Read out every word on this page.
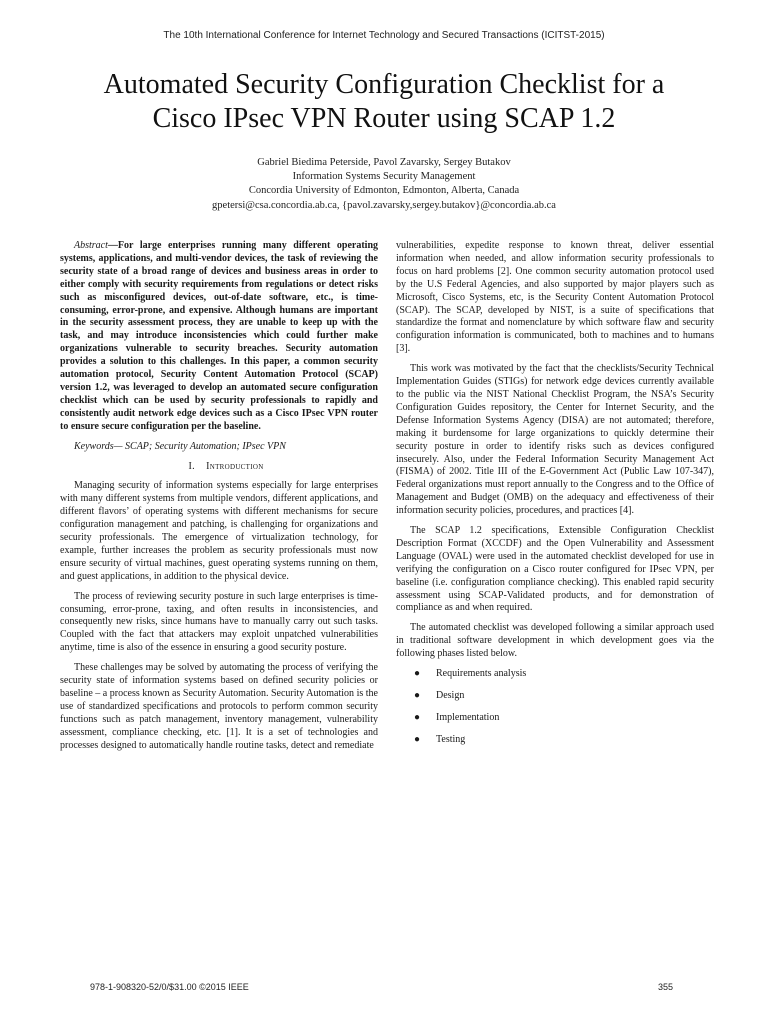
The 10th International Conference for Internet Technology and Secured Transactions (ICITST-2015)
Automated Security Configuration Checklist for a
Cisco IPsec VPN Router using SCAP 1.2
Gabriel Biedima Peterside, Pavol Zavarsky, Sergey Butakov
Information Systems Security Management
Concordia University of Edmonton, Edmonton, Alberta, Canada
gpetersi@csa.concordia.ab.ca, {pavol.zavarsky,sergey.butakov}@concordia.ab.ca

Abstract—For large enterprises running many different operating systems, applications, and multi-vendor devices, the task of reviewing the security state of a broad range of devices and business areas in order to either comply with security requirements from regulations or detect risks such as misconfigured devices, out-of-date software, etc., is time-consuming, error-prone, and expensive. Although humans are important in the security assessment process, they are unable to keep up with the task, and may introduce inconsistencies which could further make organizations vulnerable to security breaches. Security automation provides a solution to this challenges. In this paper, a common security automation protocol, Security Content Automation Protocol (SCAP) version 1.2, was leveraged to develop an automated secure configuration checklist which can be used by security professionals to rapidly and consistently audit network edge devices such as a Cisco IPsec VPN router to ensure secure configuration per the baseline.

Keywords— SCAP; Security Automation; IPsec VPN

I. Introduction

Managing security of information systems especially for large enterprises with many different systems from multiple vendors, different applications, and different flavors’ of operating systems with different mechanisms for secure configuration management and patching, is challenging for organizations and security professionals. The emergence of virtualization technology, for example, further increases the problem as security professionals must now ensure security of virtual machines, guest operating systems running on them, and guest applications, in addition to the physical device.

The process of reviewing security posture in such large enterprises is time-consuming, error-prone, taxing, and often results in inconsistencies, and consequently new risks, since humans have to manually carry out such tasks. Coupled with the fact that attackers may exploit unpatched vulnerabilities anytime, time is also of the essence in ensuring a good security posture.

These challenges may be solved by automating the process of verifying the security state of information systems based on defined security policies or baseline – a process known as Security Automation. Security Automation is the use of standardized specifications and protocols to perform common security functions such as patch management, inventory management, vulnerability assessment, compliance checking, etc. [1]. It is a set of technologies and processes designed to automatically handle routine tasks, detect and remediate

vulnerabilities, expedite response to known threat, deliver essential information when needed, and allow information security professionals to focus on hard problems [2]. One common security automation protocol used by the U.S Federal Agencies, and also supported by major players such as Microsoft, Cisco Systems, etc, is the Security Content Automation Protocol (SCAP). The SCAP, developed by NIST, is a suite of specifications that standardize the format and nomenclature by which software flaw and security configuration information is communicated, both to machines and to humans [3].

This work was motivated by the fact that the checklists/Security Technical Implementation Guides (STIGs) for network edge devices currently available to the public via the NIST National Checklist Program, the NSA’s Security Configuration Guides repository, the Center for Internet Security, and the Defense Information Systems Agency (DISA) are not automated; therefore, making it burdensome for large organizations to quickly determine their security posture in order to identify risks such as devices configured insecurely. Also, under the Federal Information Security Management Act (FISMA) of 2002. Title III of the E-Government Act (Public Law 107-347), Federal organizations must report annually to the Congress and to the Office of Management and Budget (OMB) on the adequacy and effectiveness of their information security policies, procedures, and practices [4].

The SCAP 1.2 specifications, Extensible Configuration Checklist Description Format (XCCDF) and the Open Vulnerability and Assessment Language (OVAL) were used in the automated checklist developed for use in verifying the configuration on a Cisco router configured for IPsec VPN, per baseline (i.e. configuration compliance checking). This enabled rapid security assessment using SCAP-Validated products, and for demonstration of compliance as and when required.

The automated checklist was developed following a similar approach used in traditional software development in which development goes via the following phases listed below.

● Requirements analysis
● Design
● Implementation
● Testing
978-1-908320-52/0/$31.00 ©2015 IEEE	355
